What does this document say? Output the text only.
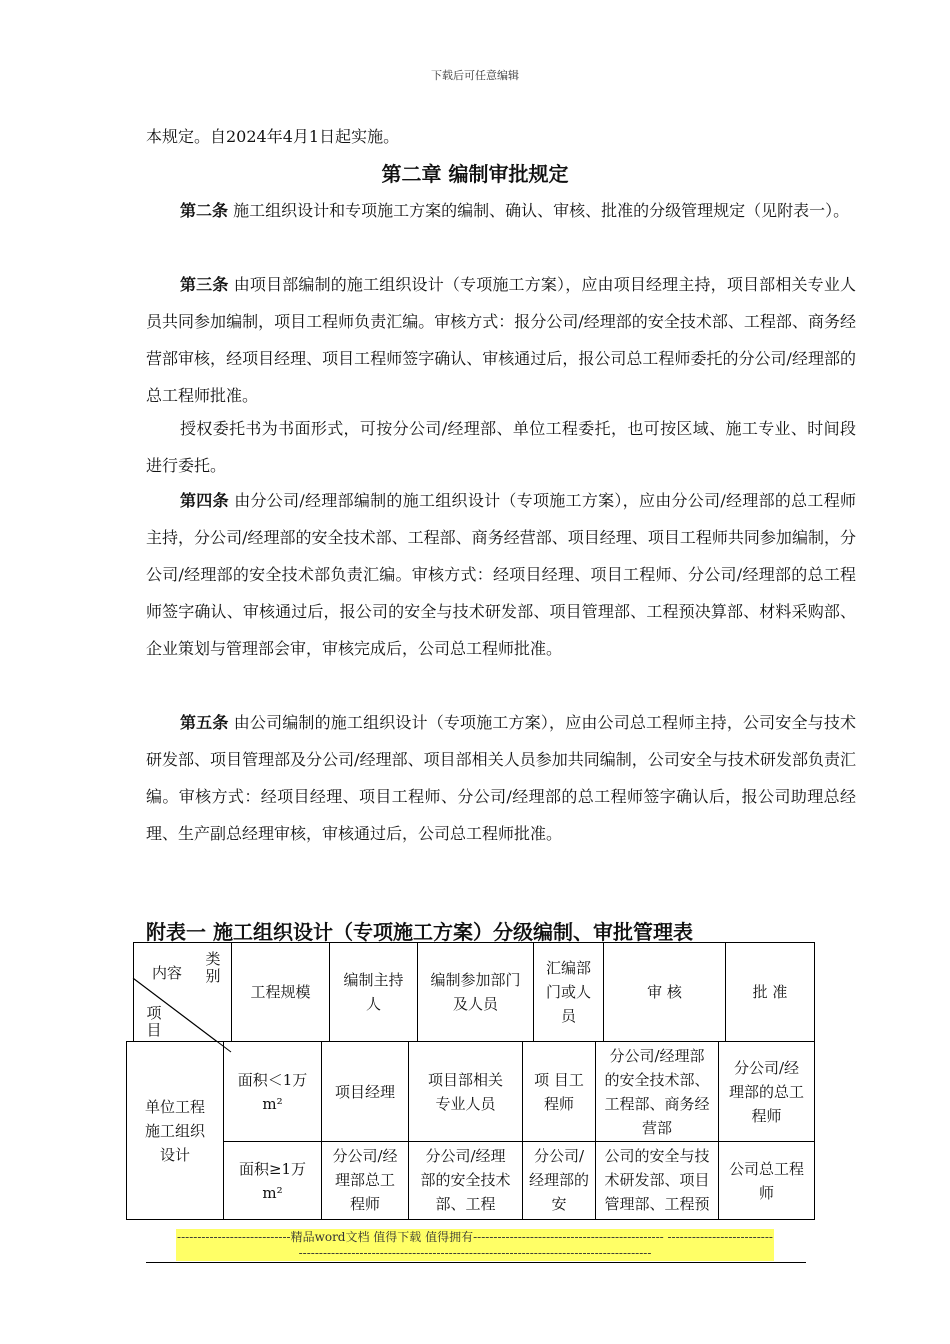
下载后可任意编辑
本规定。自2024年4月1日起实施。
第二章 编制审批规定
第二条 施工组织设计和专项施工方案的编制、确认、审核、批准的分级管理规定（见附表一）。
第三条 由项目部编制的施工组织设计（专项施工方案），应由项目经理主持，项目部相关专业人员共同参加编制，项目工程师负责汇编。审核方式：报分公司/经理部的安全技术部、工程部、商务经营部审核，经项目经理、项目工程师签字确认、审核通过后，报公司总工程师委托的分公司/经理部的总工程师批准。
授权委托书为书面形式，可按分公司/经理部、单位工程委托，也可按区域、施工专业、时间段进行委托。
第四条 由分公司/经理部编制的施工组织设计（专项施工方案），应由分公司/经理部的总工程师主持，分公司/经理部的安全技术部、工程部、商务经营部、项目经理、项目工程师共同参加编制，分公司/经理部的安全技术部负责汇编。审核方式：经项目经理、项目工程师、分公司/经理部的总工程师签字确认、审核通过后，报公司的安全与技术研发部、项目管理部、工程预决算部、材料采购部、企业策划与管理部会审，审核完成后，公司总工程师批准。
第五条 由公司编制的施工组织设计（专项施工方案），应由公司总工程师主持，公司安全与技术研发部、项目管理部及分公司/经理部、项目部相关人员参加共同编制，公司安全与技术研发部负责汇编。审核方式：经项目经理、项目工程师、分公司/经理部的总工程师签字确认后，报公司助理总经理、生产副总经理审核，审核通过后，公司总工程师批准。
附表一 施工组织设计（专项施工方案）分级编制、审批管理表
内容
类别
项目
工程规模
编制主持人
编制参加部门及人员
汇编部门或人员
审 核	批 准
单位工程施工组织设计
面积＜1万m²
项目经理
项目部相关专业人员
项 目工程师
分公司/经理部的安全技术部、工程部、商务经营部
分公司/经理部的总工程师
面积≥1万m²
分公司/经理部总工程师
分公司/经理部的安全技术部、工程
分公司/经理部的安
公司的安全与技术研发部、项目管理部、工程预
公司总工程师
----------------------------精品word文档 值得下载 值得拥有----------------------------------------------- -----------------------------------------------------------------------------------------------------------------
